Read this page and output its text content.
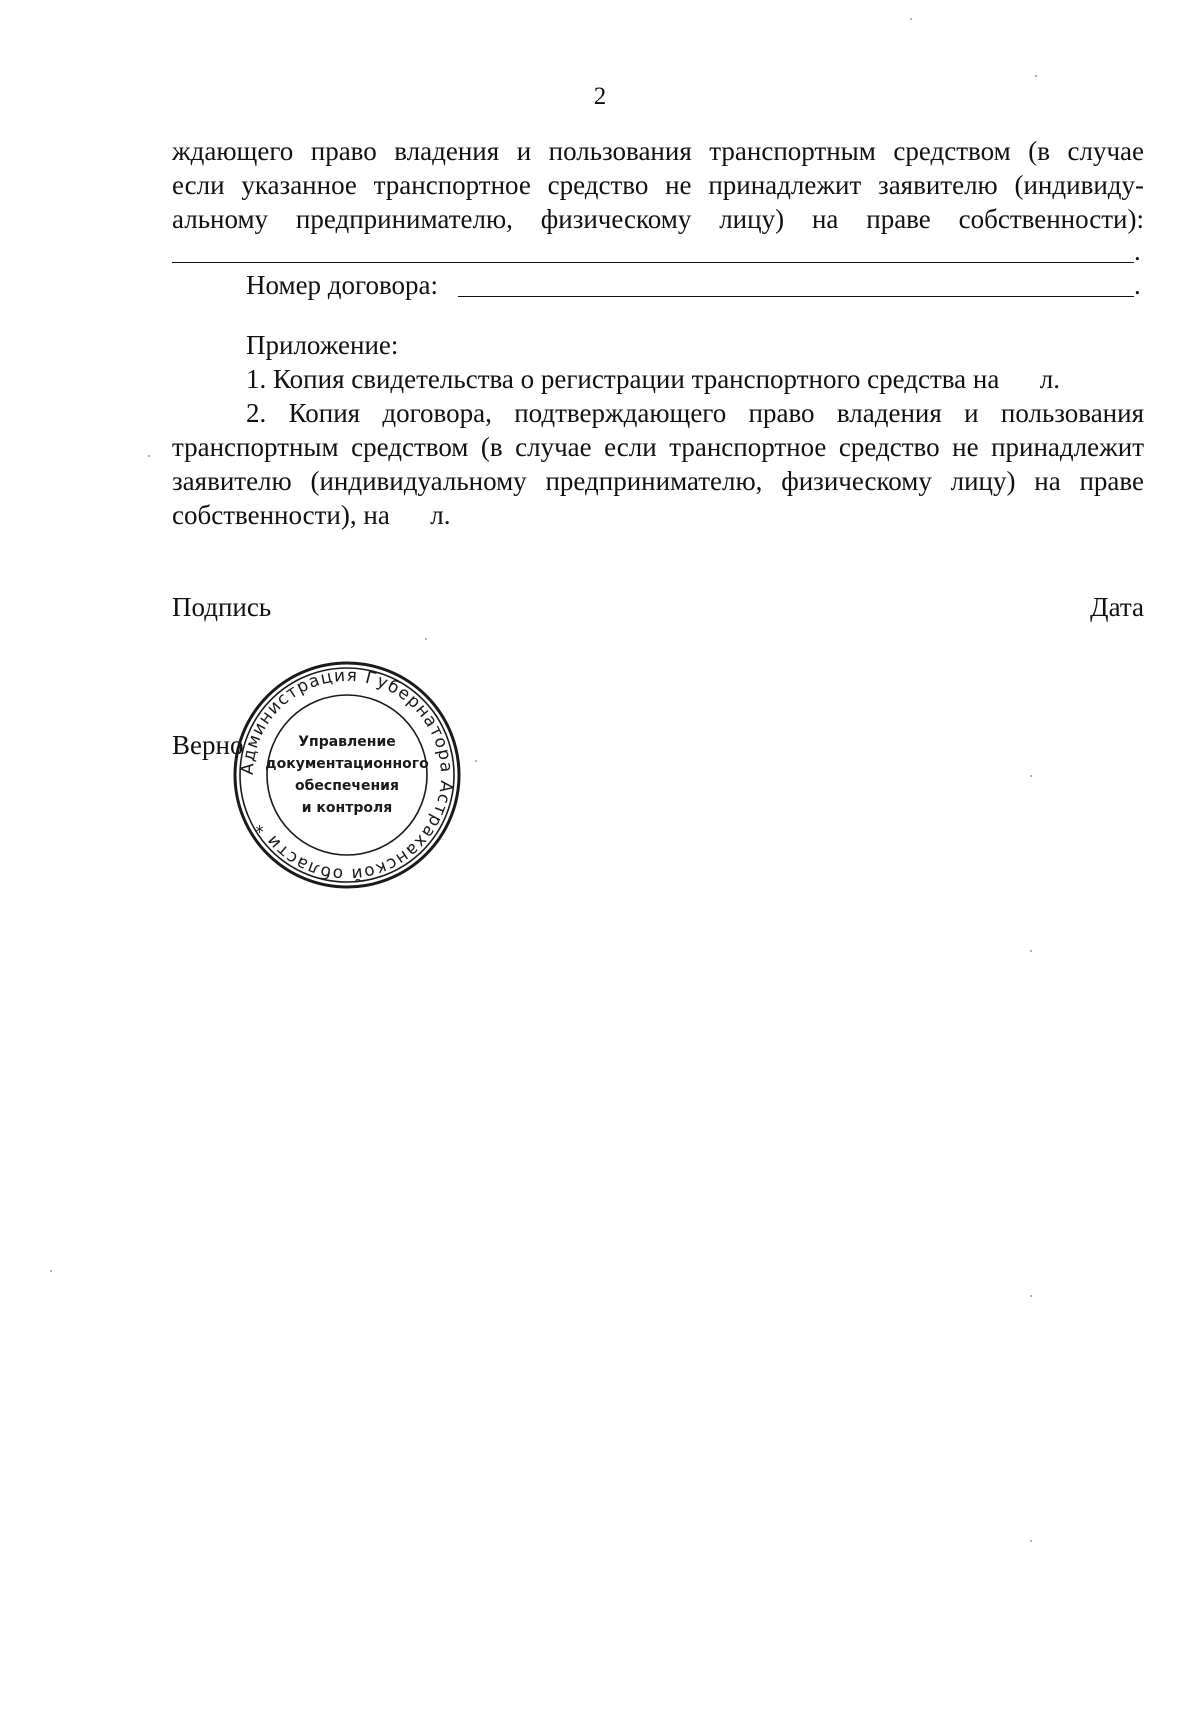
2
ждающего право владения и пользования транспортным средством (в случае
если указанное транспортное средство не принадлежит заявителю (индивиду-
альному предпринимателю, физическому лицу) на праве собственности):
.
Номер договора:	.
Приложение:
1. Копия свидетельства о регистрации транспортного средства на      л.
2. Копия договора, подтверждающего право владения и пользования
транспортным средством (в случае если транспортное средство не принадлежит
заявителю (индивидуальному предпринимателю, физическому лицу) на праве
собственности), на      л.
Подпись	Дата
Верно
Администрация Губернатора Астраханской области *
Управление
документационного
обеспечения
и контроля
